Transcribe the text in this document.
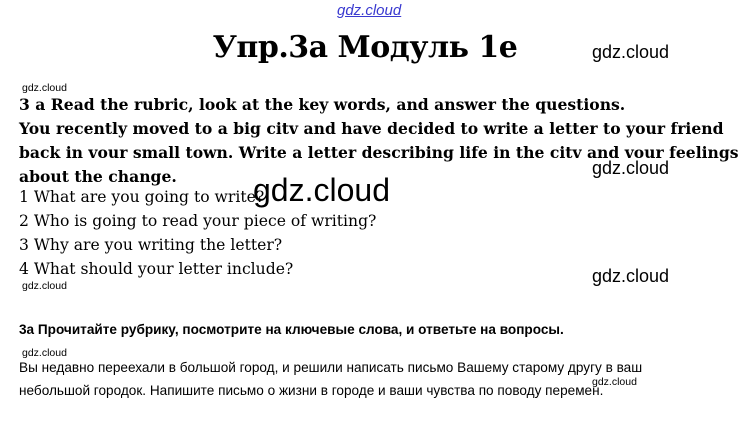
gdz.cloud
gdz.cloud
gdz.cloud
gdz.cloud
gdz.cloud
gdz.cloud
gdz.cloud
gdz.cloud
gdz.cloud
Упр.3а Модуль 1е

3 a Read the rubric, look at the key words, and answer the questions.

You recently moved to a big citv and have decided to write a letter to your friend

back in vour small town. Write a letter describing life in the citv and vour feelings

about the change.

1 What are you going to write?
2 Who is going to read your piece of writing?
3 Why are you writing the letter?
4 What should your letter include?
3а Прочитайте рубрику, посмотрите на ключевые слова, и ответьте на вопросы.
Вы недавно переехали в большой город, и решили написать письмо Вашему старому другу в ваш
небольшой городок. Напишите письмо о жизни в городе и ваши чувства по поводу перемен.
